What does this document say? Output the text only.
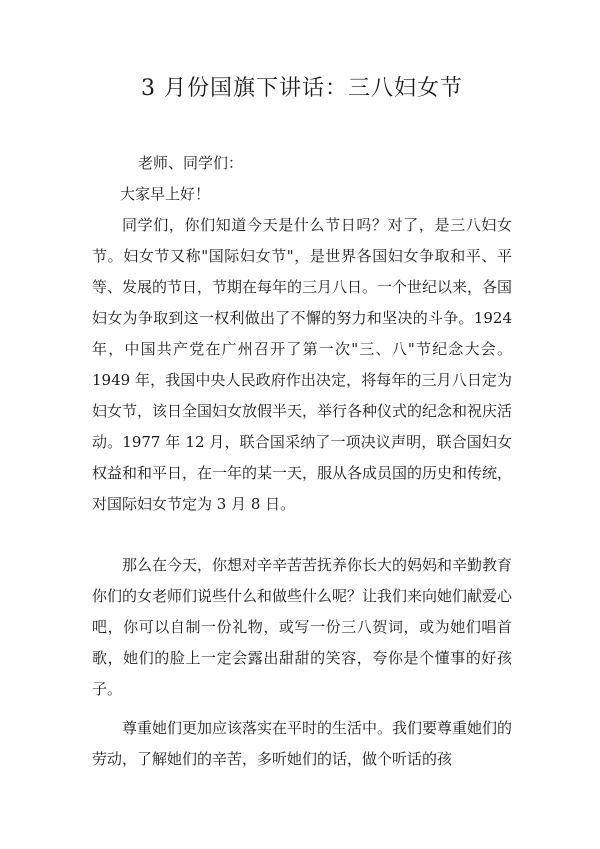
3 月份国旗下讲话：三八妇女节

老师、同学们：

大家早上好！

同学们，你们知道今天是什么节日吗？对了，是三八妇女节。妇女节又称"国际妇女节"，是世界各国妇女争取和平、平等、发展的节日，节期在每年的三月八日。一个世纪以来，各国妇女为争取到这一权利做出了不懈的努力和坚决的斗争。1924 年，中国共产党在广州召开了第一次"三、八"节纪念大会。1949 年，我国中央人民政府作出决定，将每年的三月八日定为妇女节，该日全国妇女放假半天，举行各种仪式的纪念和祝庆活动。1977 年 12 月，联合国采纳了一项决议声明，联合国妇女权益和和平日，在一年的某一天，服从各成员国的历史和传统，对国际妇女节定为 3 月 8 日。

那么在今天，你想对辛辛苦苦抚养你长大的妈妈和辛勤教育你们的女老师们说些什么和做些什么呢？让我们来向她们献爱心吧，你可以自制一份礼物，或写一份三八贺词，或为她们唱首歌，她们的脸上一定会露出甜甜的笑容，夸你是个懂事的好孩子。

尊重她们更加应该落实在平时的生活中。我们要尊重她们的劳动，了解她们的辛苦，多听她们的话，做个听话的孩
